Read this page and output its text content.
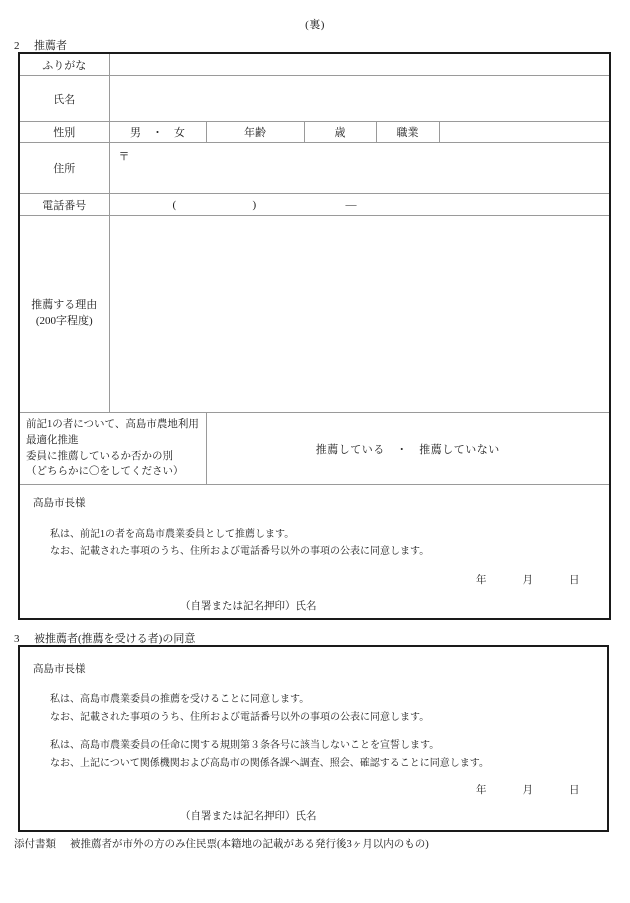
(裏)
2 推薦者
ふりがな					
氏名					
性別	男　・　女	年齢	歳	職業	
住所	〒				

電話番号	( ) —				

推薦する理由
(200字程度)					

前記1の者について、高島市農地利用最適化推進
委員に推薦しているか否かの別
（どちらかに〇をしてください）		推薦している　・　推薦していない			

高島市長様
私は、前記1の者を高島市農業委員として推薦します。
なお、記載された事項のうち、住所および電話番号以外の事項の公表に同意します。
年 月 日
（自署または記名押印）氏名					
3 被推薦者(推薦を受ける者)の同意
高島市長様
私は、高島市農業委員の推薦を受けることに同意します。
なお、記載された事項のうち、住所および電話番号以外の事項の公表に同意します。
私は、高島市農業委員の任命に関する規則第３条各号に該当しないことを宣誓します。
なお、上記について関係機関および高島市の関係各課へ調査、照会、確認することに同意します。
年	月	日
（自署または記名押印）氏名
添付書類 被推薦者が市外の方のみ住民票(本籍地の記載がある発行後3ヶ月以内のもの)
